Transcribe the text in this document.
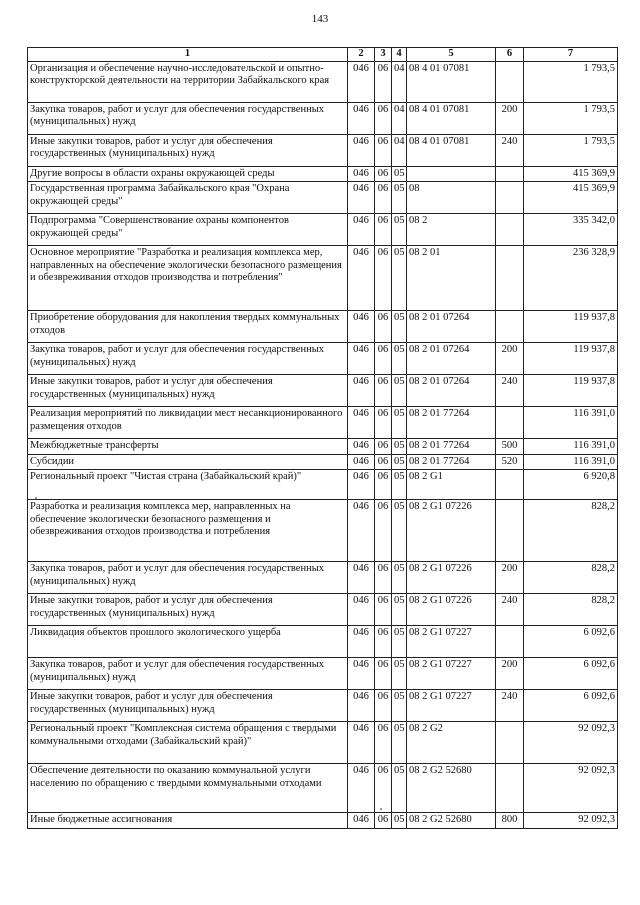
143
1	2	3	4	5	6	7
Организация и обеспечение научно-исследовательской и опытно-конструкторской деятельности на территории Забайкальского края	046	06	04	08 4 01 07081		1 793,5
Закупка товаров, работ и услуг для обеспечения государственных (муниципальных) нужд	046	06	04	08 4 01 07081	200	1 793,5
Иные закупки товаров, работ и услуг для обеспечения государственных (муниципальных) нужд	046	06	04	08 4 01 07081	240	1 793,5
Другие вопросы в области охраны окружающей среды	046	06	05			415 369,9
Государственная программа Забайкальского края "Охрана окружающей среды"	046	06	05	08		415 369,9
Подпрограмма "Совершенствование охраны компонентов окружающей среды"	046	06	05	08 2		335 342,0
Основное мероприятие "Разработка и реализация комплекса мер, направленных на обеспечение экологически безопасного размещения и обезвреживания отходов производства и потребления"	046	06	05	08 2 01		236 328,9
Приобретение оборудования для накопления твердых коммунальных отходов	046	06	05	08 2 01 07264		119 937,8
Закупка товаров, работ и услуг для обеспечения государственных (муниципальных) нужд	046	06	05	08 2 01 07264	200	119 937,8
Иные закупки товаров, работ и услуг для обеспечения государственных (муниципальных) нужд	046	06	05	08 2 01 07264	240	119 937,8
Реализация мероприятий по ликвидации мест несанкционированного размещения отходов	046	06	05	08 2 01 77264		116 391,0
Межбюджетные трансферты	046	06	05	08 2 01 77264	500	116 391,0
Субсидии	046	06	05	08 2 01 77264	520	116 391,0
Региональный проект "Чистая страна (Забайкальский край)"	046	06	05	08 2 G1		6 920,8
Разработка и реализация комплекса мер, направленных на обеспечение экологически безопасного размещения и обезвреживания отходов производства и потребления	046	06	05	08 2 G1 07226		828,2
Закупка товаров, работ и услуг для обеспечения государственных (муниципальных) нужд	046	06	05	08 2 G1 07226	200	828,2
Иные закупки товаров, работ и услуг для обеспечения государственных (муниципальных) нужд	046	06	05	08 2 G1 07226	240	828,2
Ликвидация объектов прошлого экологического ущерба	046	06	05	08 2 G1 07227		6 092,6
Закупка товаров, работ и услуг для обеспечения государственных (муниципальных) нужд	046	06	05	08 2 G1 07227	200	6 092,6
Иные закупки товаров, работ и услуг для обеспечения государственных (муниципальных) нужд	046	06	05	08 2 G1 07227	240	6 092,6
Региональный проект "Комплексная система обращения с твердыми коммунальными отходами (Забайкальский край)"	046	06	05	08 2 G2		92 092,3
Обеспечение деятельности по оказанию коммунальной услуги населению по обращению с твердыми коммунальными отходами	046	06	05	08 2 G2 52680		92 092,3
Иные бюджетные ассигнования	046	06	05	08 2 G2 52680	800	92 092,3
